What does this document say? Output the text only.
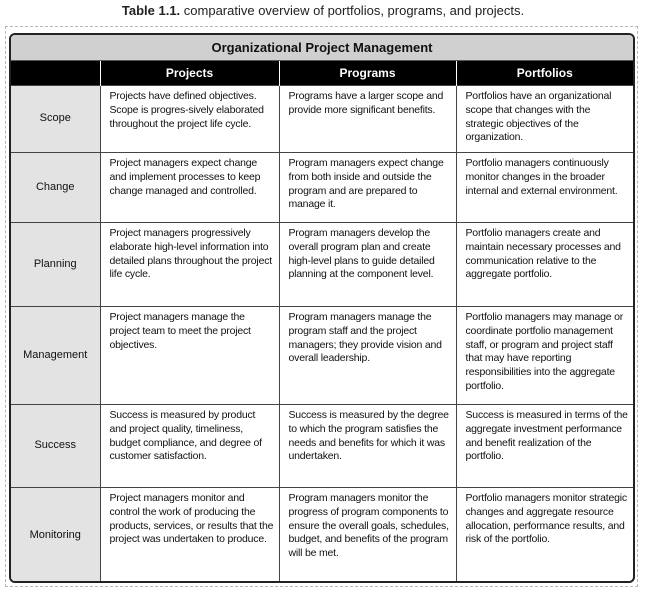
Table 1.1. comparative overview of portfolios, programs, and projects.
Organizational Project Management
	Projects	Programs	Portfolios
Scope	Projects have defined objectives. Scope is progres-sively elaborated throughout the project life cycle.	Programs have a larger scope and provide more significant benefits.	Portfolios have an organizational scope that changes with the strategic objectives of the organization.
Change	Project managers expect change and implement processes to keep change managed and controlled.	Program managers expect change from both inside and outside the program and are prepared to manage it.	Portfolio managers continuously monitor changes in the broader internal and external environment.
Planning	Project managers progressively elaborate high-level information into detailed plans throughout the project life cycle.	Program managers develop the overall program plan and create high-level plans to guide detailed planning at the component level.	Portfolio managers create and maintain necessary processes and communication relative to the aggregate portfolio.
Management	Project managers manage the project team to meet the project objectives.	Program managers manage the program staff and the project managers; they provide vision and overall leadership.	Portfolio managers may manage or coordinate portfolio management staff, or program and project staff that may have reporting responsibilities into the aggregate portfolio.
Success	Success is measured by product and project quality, timeliness, budget compliance, and degree of customer satisfaction.	Success is measured by the degree to which the program satisfies the needs and benefits for which it was undertaken.	Success is measured in terms of the aggregate investment performance and benefit realization of the portfolio.
Monitoring	Project managers monitor and control the work of producing the products, services, or results that the project was undertaken to produce.	Program managers monitor the progress of program components to ensure the overall goals, schedules, budget, and benefits of the program will be met.	Portfolio managers monitor strategic changes and aggregate resource allocation, performance results, and risk of the portfolio.
